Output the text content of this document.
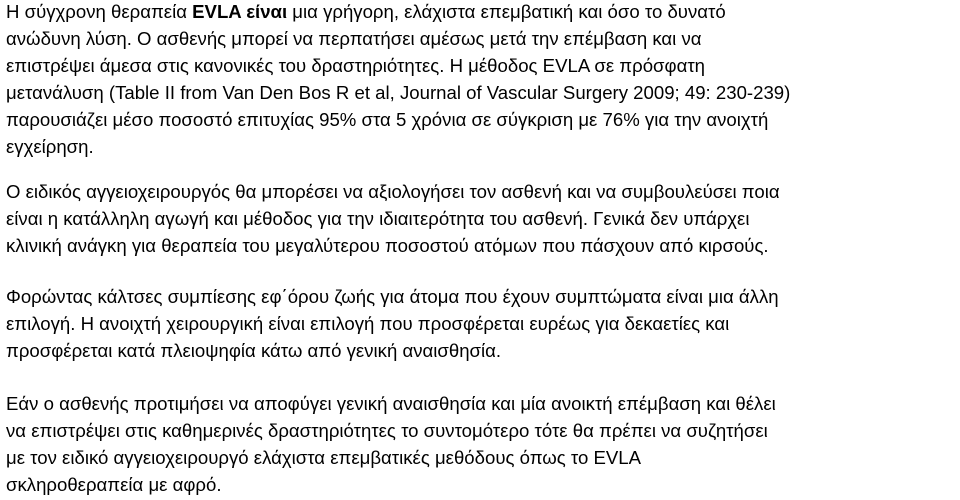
Η σύγχρονη θεραπεία EVLA είναι μια γρήγορη, ελάχιστα επεμβατική και όσο το δυνατό
ανώδυνη λύση. Ο ασθενής μπορεί να περπατήσει αμέσως μετά την επέμβαση και να
επιστρέψει άμεσα στις κανονικές του δραστηριότητες. Η μέθοδος EVLA σε πρόσφατη
μετανάλυση (Table II from Van Den Bos R et al, Journal of Vascular Surgery 2009; 49: 230-239)
παρουσιάζει μέσο ποσοστό επιτυχίας 95% στα 5 χρόνια σε σύγκριση με 76% για την ανοιχτή
εγχείρηση.
Ο ειδικός αγγειοχειρουργός θα μπορέσει να αξιολογήσει τον ασθενή και να συμβουλεύσει ποια
είναι η κατάλληλη αγωγή και μέθοδος για την ιδιαιτερότητα του ασθενή. Γενικά δεν υπάρχει
κλινική ανάγκη για θεραπεία του μεγαλύτερου ποσοστού ατόμων που πάσχουν από κιρσούς.
Φορώντας κάλτσες συμπίεσης εφ΄όρου ζωής για άτομα που έχουν συμπτώματα είναι μια άλλη
επιλογή. Η ανοιχτή χειρουργική είναι επιλογή που προσφέρεται ευρέως για δεκαετίες και
προσφέρεται κατά πλειοψηφία κάτω από γενική αναισθησία.
Εάν ο ασθενής προτιμήσει να αποφύγει γενική αναισθησία και μία ανοικτή επέμβαση και θέλει
να επιστρέψει στις καθημερινές δραστηριότητες το συντομότερο τότε θα πρέπει να συζητήσει
με τον ειδικό αγγειοχειρουργό ελάχιστα επεμβατικές μεθόδους όπως το EVLA
σκληροθεραπεία με αφρό.
